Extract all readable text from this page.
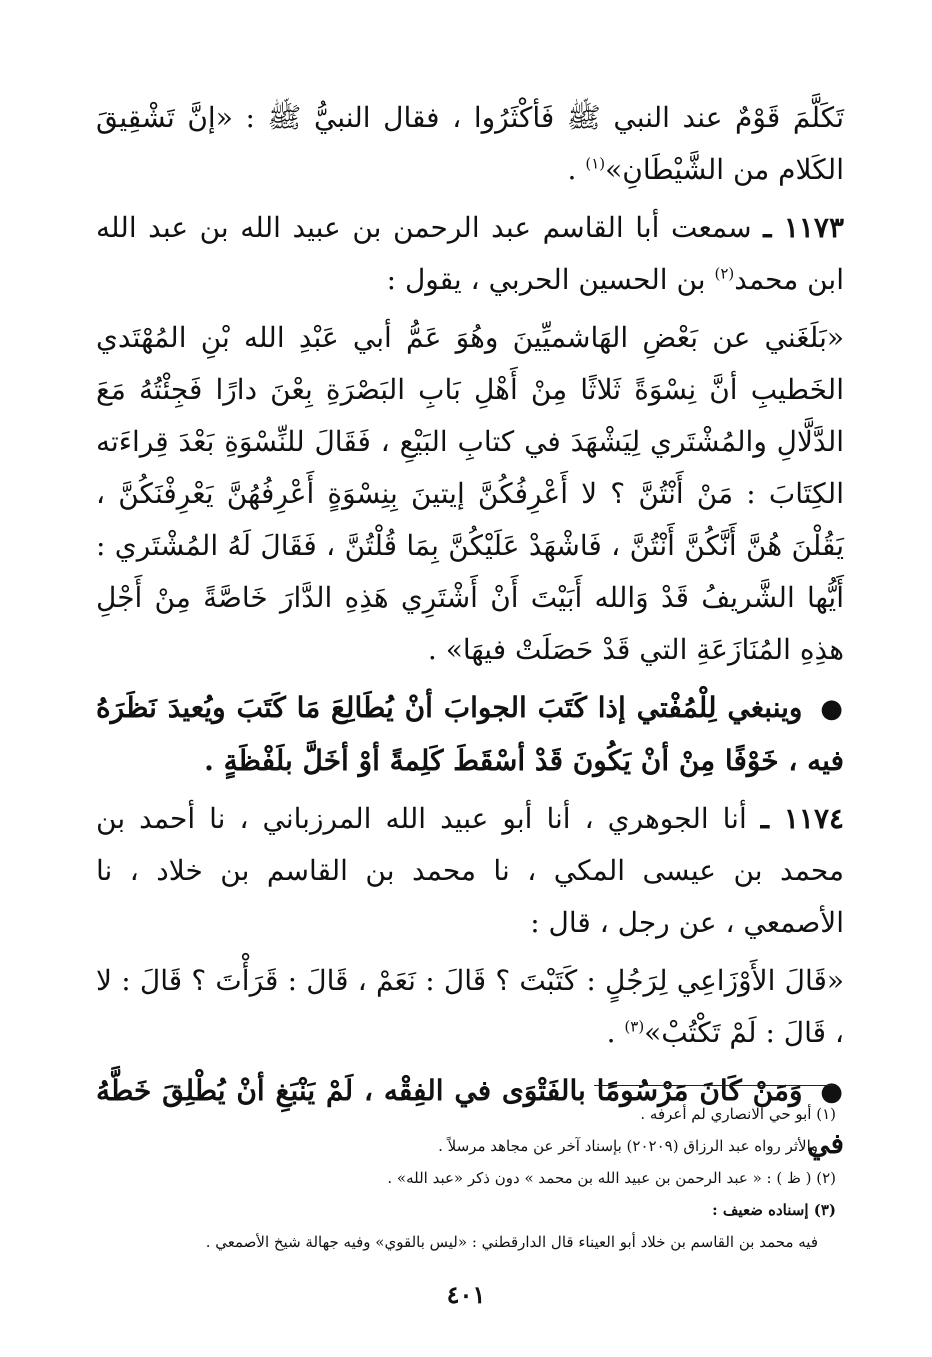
تَكَلَّمَ قَوْمٌ عند النبي ﷺ فَأكْثَرُوا ، فقال النبيُّ ﷺ : «إنَّ تَشْقِيقَ الكَلام من الشَّيْطَانِ»$^{(١)}$ .

١١٧٣ ـ سمعت أبا القاسم عبد الرحمن بن عبيد الله بن عبد الله ابن محمد$^{(٢)}$ بن الحسين الحربي ، يقول :

«بَلَغَني عن بَعْضِ الهَاشميِّينَ وهُوَ عَمُّ أبي عَبْدِ الله بْنِ المُهْتَدي الخَطيبِ أنَّ نِسْوَةً ثَلاثًا مِنْ أَهْلِ بَابِ البَصْرَةِ بِعْنَ دارًا فَجِئْتُهُ مَعَ الدَّلَّالِ والمُشْتَري لِيَشْهَدَ في كتابِ البَيْعِ ، فَقَالَ للنِّسْوَةِ بَعْدَ قِراءَته الكِتَابَ : مَنْ أَنْتُنَّ ؟ لا أَعْرِفُكُنَّ إيتينَ بِنِسْوَةٍ أَعْرِفُهُنَّ يَعْرِفْنَكُنَّ ، يَقُلْنَ هُنَّ أَنَّكُنَّ أَنْتُنَّ ، فَاشْهَدْ عَلَيْكُنَّ بِمَا قُلْتُنَّ ، فَقَالَ لَهُ المُشْتَري : أَيُّها الشَّريفُ قَدْ وَالله أَبَيْتَ أَنْ أَشْتَرِي هَذِهِ الدَّارَ خَاصَّةً مِنْ أَجْلِ هذِهِ المُنَازَعَةِ التي قَدْ حَصَلَتْ فيهَا» .

● وينبغي لِلْمُفْتي إذا كَتَبَ الجوابَ أنْ يُطَالِعَ مَا كَتَبَ ويُعيدَ نَظَرَهُ فيه ، خَوْفًا مِنْ أنْ يَكُونَ قَدْ أسْقَطَ كَلِمةً أوْ أخَلَّ بلَفْظَةٍ .

١١٧٤ ـ أنا الجوهري ، أنا أبو عبيد الله المرزباني ، نا أحمد بن محمد بن عيسى المكي ، نا محمد بن القاسم بن خلاد ، نا الأصمعي ، عن رجل ، قال :

«قَالَ الأَوْزَاعِي لِرَجُلٍ : كَتَبْتَ ؟ قَالَ : نَعَمْ ، قَالَ : قَرَأْتَ ؟ قَالَ : لا ، قَالَ : لَمْ تَكْتُبْ»$^{(٣)}$ .

● وَمَنْ كَانَ مَرْسُومًا بالفَتْوَى في الفِقْه ، لَمْ يَنْبَغِ أنْ يُطْلِقَ خَطَّهُ في

(١) أبو حي الانصاري لم أعرفه .

والأثر رواه عبد الرزاق (٢٠٢٠٩) بإسناد آخر عن مجاهد مرسلاً .

(٢) ( ظ ) : « عبد الرحمن بن عبيد الله بن محمد » دون ذكر «عبد الله» .

(٣) إسناده ضعيف :

فيه محمد بن القاسم بن خلاد أبو العيناء قال الدارقطني : «ليس بالقوي» وفيه جهالة شيخ الأصمعي .

٤٠١
